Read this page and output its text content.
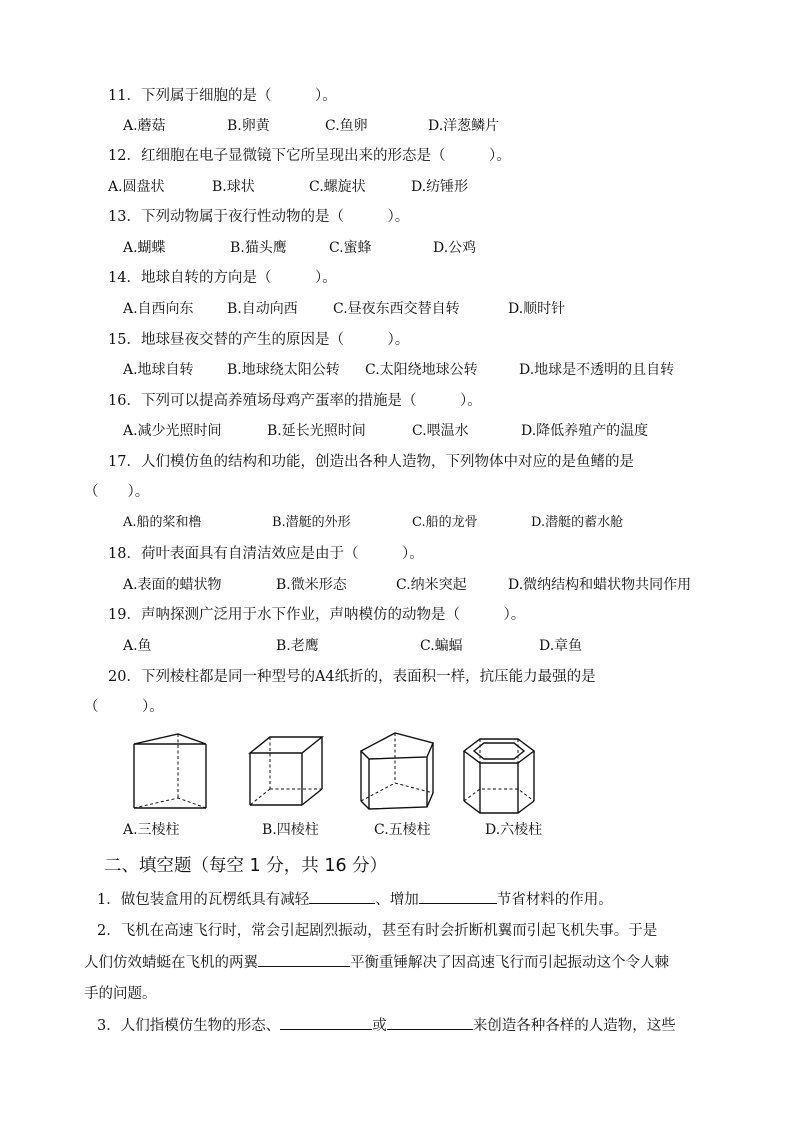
11．下列属于细胞的是（　　　）。
A.蘑菇	B.卵黄	C.鱼卵	D.洋葱鳞片
12．红细胞在电子显微镜下它所呈现出来的形态是（　　　）。
A.圆盘状	B.球状	C.螺旋状	D.纺锤形
13．下列动物属于夜行性动物的是（　　　）。
A.蝴蝶	B.猫头鹰	C.蜜蜂	D.公鸡
14．地球自转的方向是（　　　）。
A.自西向东 B.自动向西	C.昼夜东西交替自转	D.顺时针
15．地球昼夜交替的产生的原因是（　　　）。
A.地球自转 B.地球绕太阳公转 C.太阳绕地球公转	D.地球是不透明的且自转
16．下列可以提高养殖场母鸡产蛋率的措施是（　　　）。
A.减少光照时间	B.延长光照时间	C.喂温水	D.降低养殖产的温度
17．人们模仿鱼的结构和功能，创造出各种人造物，下列物体中对应的是鱼鳍的是
（　　）。
A.船的桨和橹	B.潜艇的外形	C.船的龙骨	D.潜艇的蓄水舱
18．荷叶表面具有自清洁效应是由于（　　　）。
A.表面的蜡状物	B.微米形态	C.纳米突起	D.微纳结构和蜡状物共同作用
19．声呐探测广泛用于水下作业，声呐模仿的动物是（　　　）。
A.鱼	B.老鹰	C.蝙蝠	D.章鱼
20．下列棱柱都是同一种型号的A4纸折的，表面积一样，抗压能力最强的是
（　　　）。
A.三棱柱	B.四棱柱	C.五棱柱	D.六棱柱
二、填空题（每空 1 分，共 16 分）
1．做包装盒用的瓦楞纸具有减轻	、增加	节省材料的作用。
2．飞机在高速飞行时，常会引起剧烈振动，甚至有时会折断机翼而引起飞机失事。于是
人们仿效蜻蜓在飞机的两翼	平衡重锤解决了因高速飞行而引起振动这个令人棘
手的问题。
3．人们指模仿生物的形态、	或	来创造各种各样的人造物，这些
